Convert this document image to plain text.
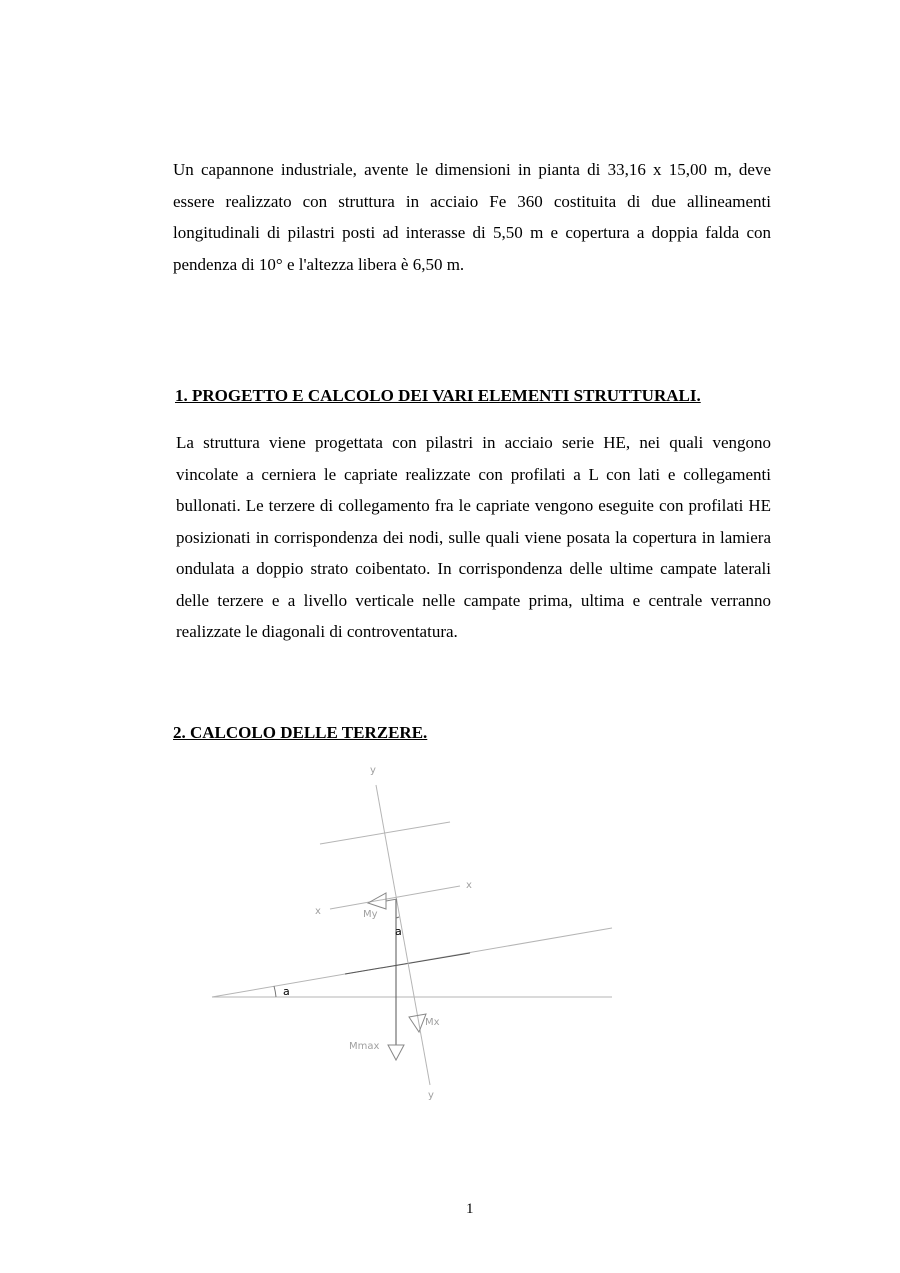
Un capannone industriale, avente le dimensioni in pianta di 33,16 x 15,00 m, deve essere realizzato con struttura in acciaio Fe 360 costituita di due allineamenti longitudinali di pilastri posti ad interasse di 5,50 m e copertura a doppia falda con pendenza di 10° e l'altezza libera è 6,50 m.

1. PROGETTO E CALCOLO DEI VARI ELEMENTI STRUTTURALI.

La struttura viene progettata con pilastri in acciaio serie HE, nei quali vengono vincolate a cerniera le capriate realizzate con profilati a L con lati e collegamenti bullonati. Le terzere di collegamento fra le capriate vengono eseguite con profilati HE posizionati in corrispondenza dei nodi, sulle quali viene posata la copertura in lamiera ondulata a doppio strato coibentato. In corrispondenza delle ultime campate laterali delle terzere e a livello verticale nelle campate prima, ultima e centrale verranno realizzate le diagonali di controventatura.

2. CALCOLO DELLE TERZERE.
y
y
x
x
My
Mx
Mmax
a
a
1
